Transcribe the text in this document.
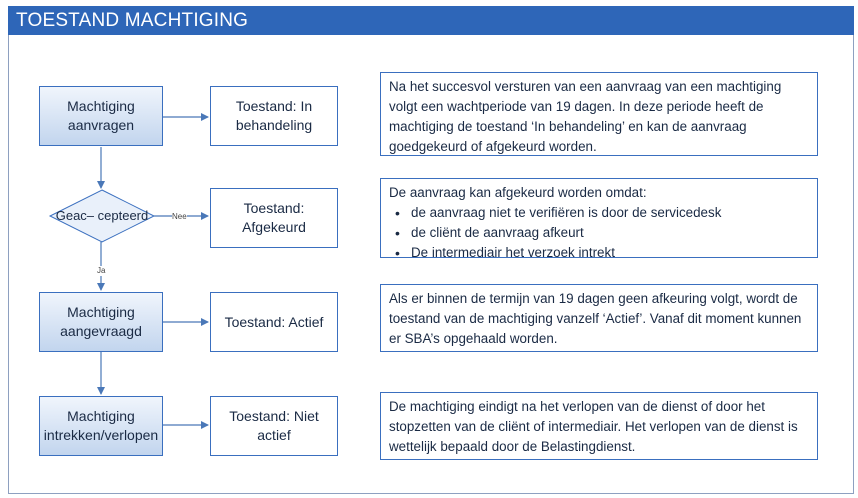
TOESTAND MACHTIGING
Geac– cepteerd	Nee
Ja
Machtiging aanvragen
Machtiging aangevraagd
Machtiging intrekken/verlopen
Toestand: In behandeling
Toestand: Afgekeurd
Toestand: Actief
Toestand: Niet actief
Na het succesvol versturen van een aanvraag van een machtiging volgt een wachtperiode van 19 dagen. In deze periode heeft de machtiging de toestand ‘In behandeling’ en kan de aanvraag goedgekeurd of afgekeurd worden.
De aanvraag kan afgekeurd worden omdat:
• de aanvraag niet te verifiëren is door de servicedesk
• de cliënt de aanvraag afkeurt
• De intermediair het verzoek intrekt
Als er binnen de termijn van 19 dagen geen afkeuring volgt, wordt de toestand van de machtiging vanzelf ‘Actief’. Vanaf dit moment kunnen er SBA’s opgehaald worden.
De machtiging eindigt na het verlopen van de dienst of door het stopzetten van de cliënt of intermediair. Het verlopen van de dienst is wettelijk bepaald door de Belastingdienst.
